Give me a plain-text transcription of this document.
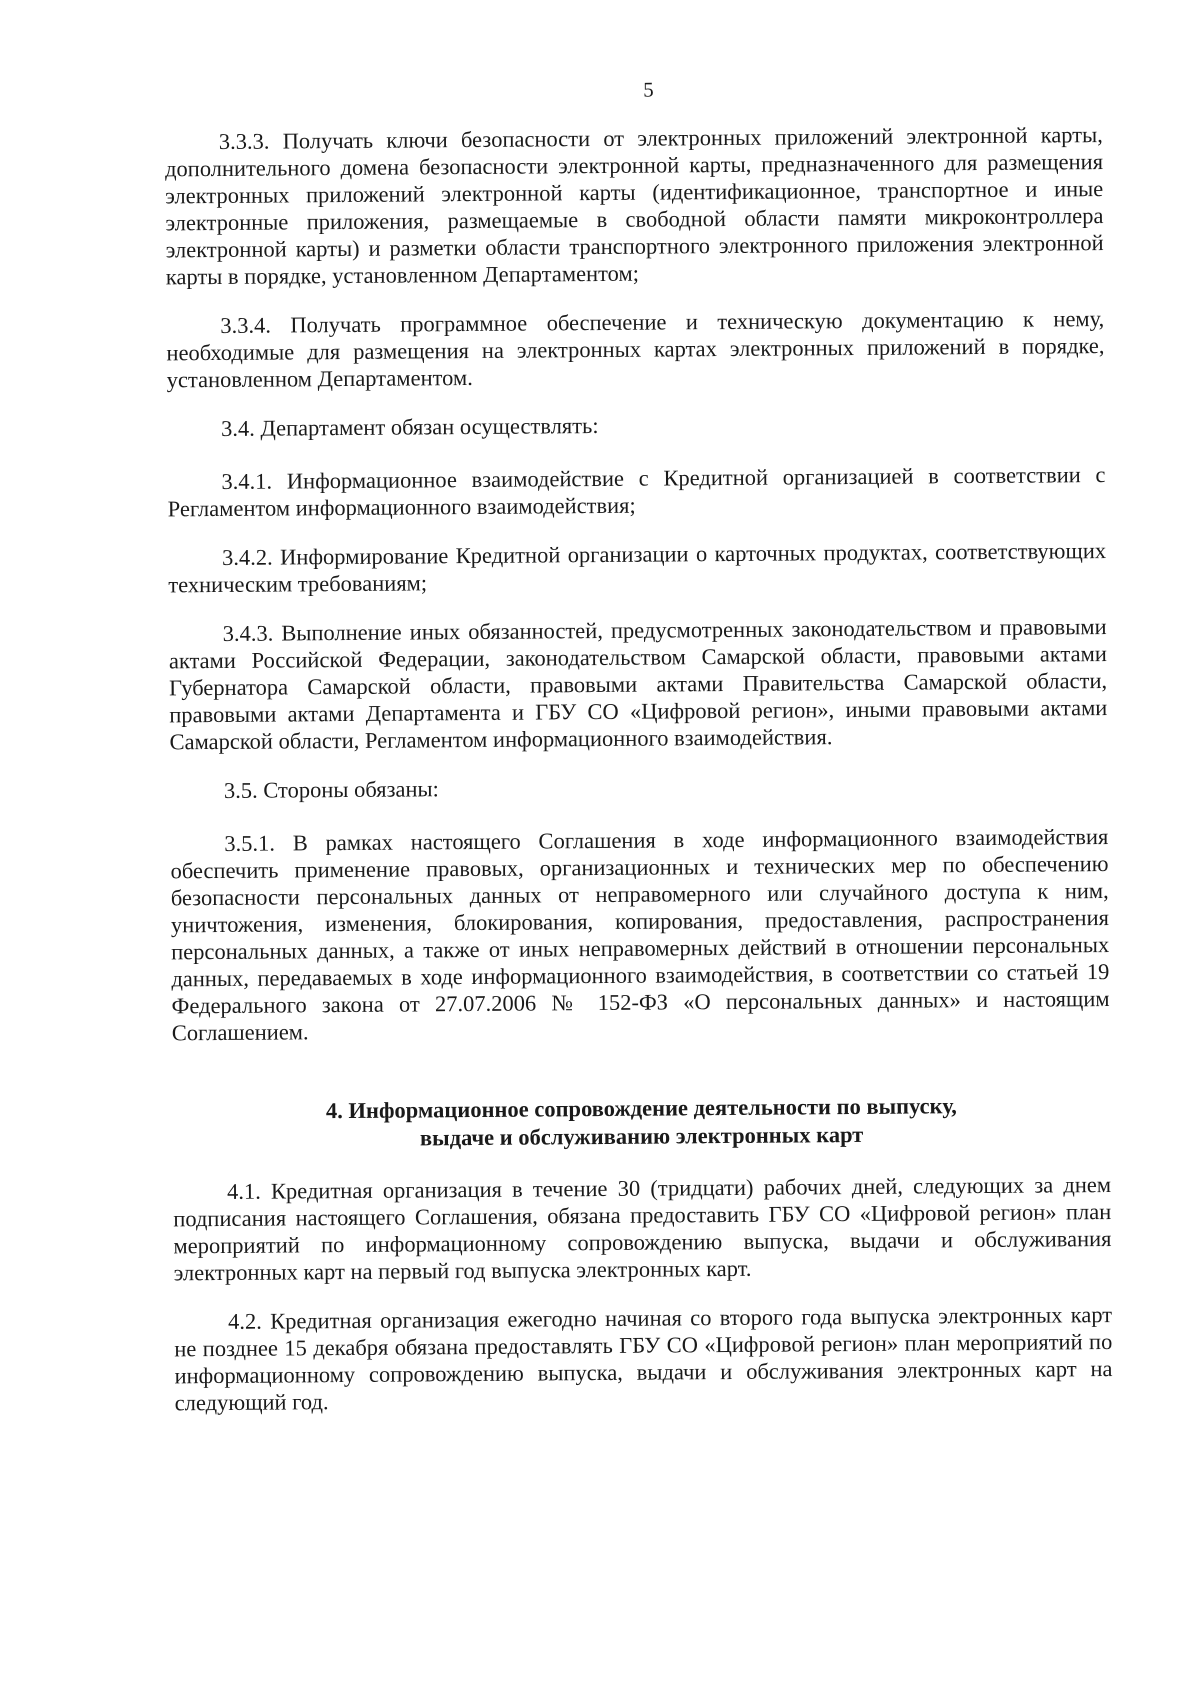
5

3.3.3. Получать ключи безопасности от электронных приложений электронной карты, дополнительного домена безопасности электронной карты, предназначенного для размещения электронных приложений электронной карты (идентификационное, транспортное и иные электронные приложения, размещаемые в свободной области памяти микроконтроллера электронной карты) и разметки области транспортного электронного приложения электронной карты в порядке, установленном Департаментом;

3.3.4. Получать программное обеспечение и техническую документацию к нему, необходимые для размещения на электронных картах электронных приложений в порядке, установленном Департаментом.

3.4. Департамент обязан осуществлять:

3.4.1. Информационное взаимодействие с Кредитной организацией в соответствии с Регламентом информационного взаимодействия;

3.4.2. Информирование Кредитной организации о карточных продуктах, соответствующих техническим требованиям;

3.4.3. Выполнение иных обязанностей, предусмотренных законодательством и правовыми актами Российской Федерации, законодательством Самарской области, правовыми актами Губернатора Самарской области, правовыми актами Правительства Самарской области, правовыми актами Департамента и ГБУ СО «Цифровой регион», иными правовыми актами Самарской области, Регламентом информационного взаимодействия.

3.5. Стороны обязаны:

3.5.1. В рамках настоящего Соглашения в ходе информационного взаимодействия обеспечить применение правовых, организационных и технических мер по обеспечению безопасности персональных данных от неправомерного или случайного доступа к ним, уничтожения, изменения, блокирования, копирования, предоставления, распространения персональных данных, а также от иных неправомерных действий в отношении персональных данных, передаваемых в ходе информационного взаимодействия, в соответствии со статьей 19 Федерального закона от 27.07.2006 № 152-ФЗ «О персональных данных» и настоящим Соглашением.

4. Информационное сопровождение деятельности по выпуску,
выдаче и обслуживанию электронных карт

4.1. Кредитная организация в течение 30 (тридцати) рабочих дней, следующих за днем подписания настоящего Соглашения, обязана предоставить ГБУ СО «Цифровой регион» план мероприятий по информационному сопровождению выпуска, выдачи и обслуживания электронных карт на первый год выпуска электронных карт.

4.2. Кредитная организация ежегодно начиная со второго года выпуска электронных карт не позднее 15 декабря обязана предоставлять ГБУ СО «Цифровой регион» план мероприятий по информационному сопровождению выпуска, выдачи и обслуживания электронных карт на следующий год.
